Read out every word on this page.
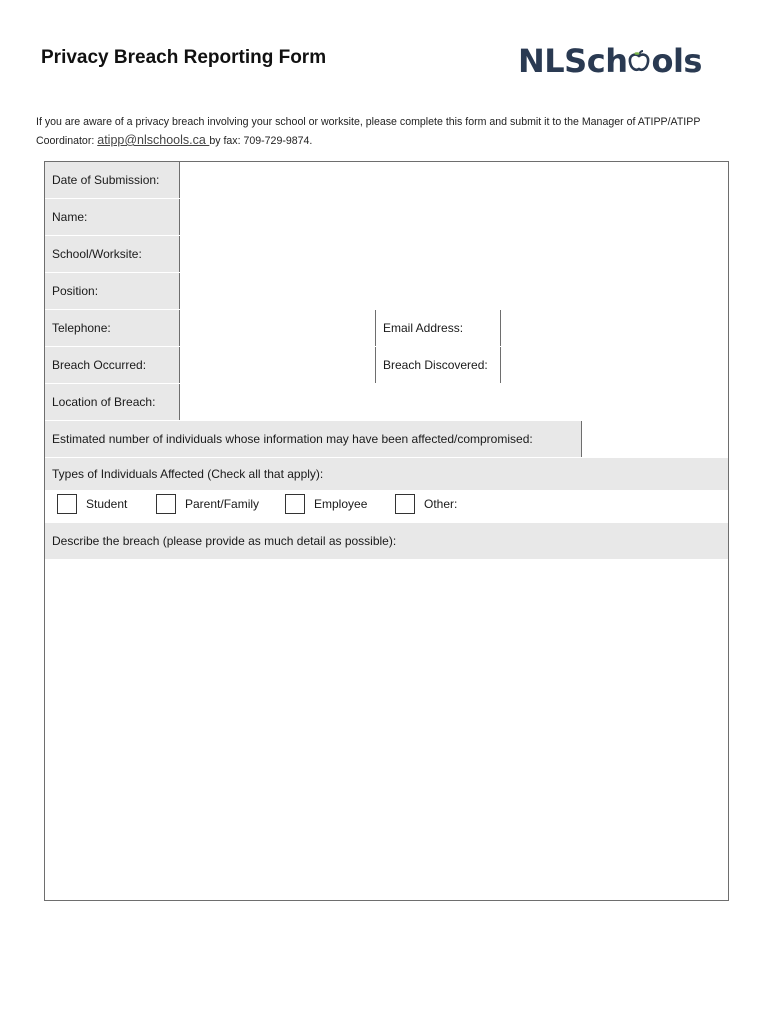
Privacy Breach Reporting Form	NLSch ols
If you are aware of a privacy breach involving your school or worksite, please complete this form and submit it to the Manager of ATIPP/ATIPP Coordinator: atipp@nlschools.ca by fax: 709-729-9874.
Date of Submission:
Name:
School/Worksite:
Position:
Telephone:	Email Address:
Breach Occurred:	Breach Discovered:
Location of Breach:
Estimated number of individuals whose information may have been affected/compromised:
Types of Individuals Affected (Check all that apply):
Student	Parent/Family	Employee	Other:
Describe the breach (please provide as much detail as possible):
